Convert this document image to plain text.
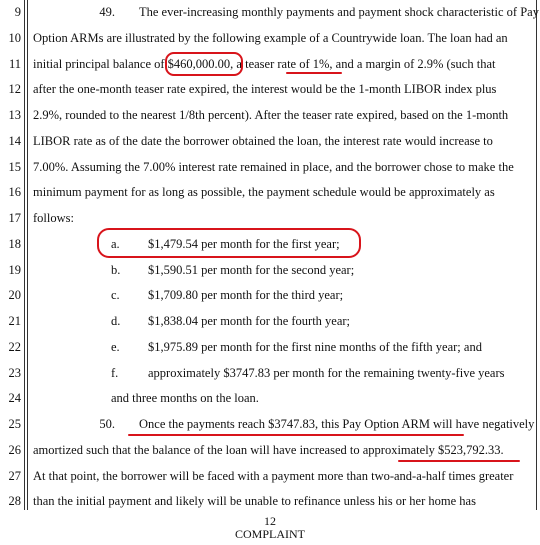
9
10
11
12
13
14
15
16
17
18
19
20
21
22
23
24
25
26
27
28
49. The ever-increasing monthly payments and payment shock characteristic of Pay
Option ARMs are illustrated by the following example of a Countrywide loan. The loan had an
initial principal balance of $460,000.00, a teaser rate of 1%, and a margin of 2.9% (such that
after the one-month teaser rate expired, the interest would be the 1-month LIBOR index plus
2.9%, rounded to the nearest 1/8th percent). After the teaser rate expired, based on the 1-month
LIBOR rate as of the date the borrower obtained the loan, the interest rate would increase to
7.00%. Assuming the 7.00% interest rate remained in place, and the borrower chose to make the
minimum payment for as long as possible, the payment schedule would be approximately as
follows:
a. $1,479.54 per month for the first year;
b. $1,590.51 per month for the second year;
c. $1,709.80 per month for the third year;
d. $1,838.04 per month for the fourth year;
e. $1,975.89 per month for the first nine months of the fifth year; and
f. approximately $3747.83 per month for the remaining twenty-five years
and three months on the loan.
50. Once the payments reach $3747.83, this Pay Option ARM will have negatively
amortized such that the balance of the loan will have increased to approximately $523,792.33.
At that point, the borrower will be faced with a payment more than two-and-a-half times greater
than the initial payment and likely will be unable to refinance unless his or her home has
12
COMPLAINT
